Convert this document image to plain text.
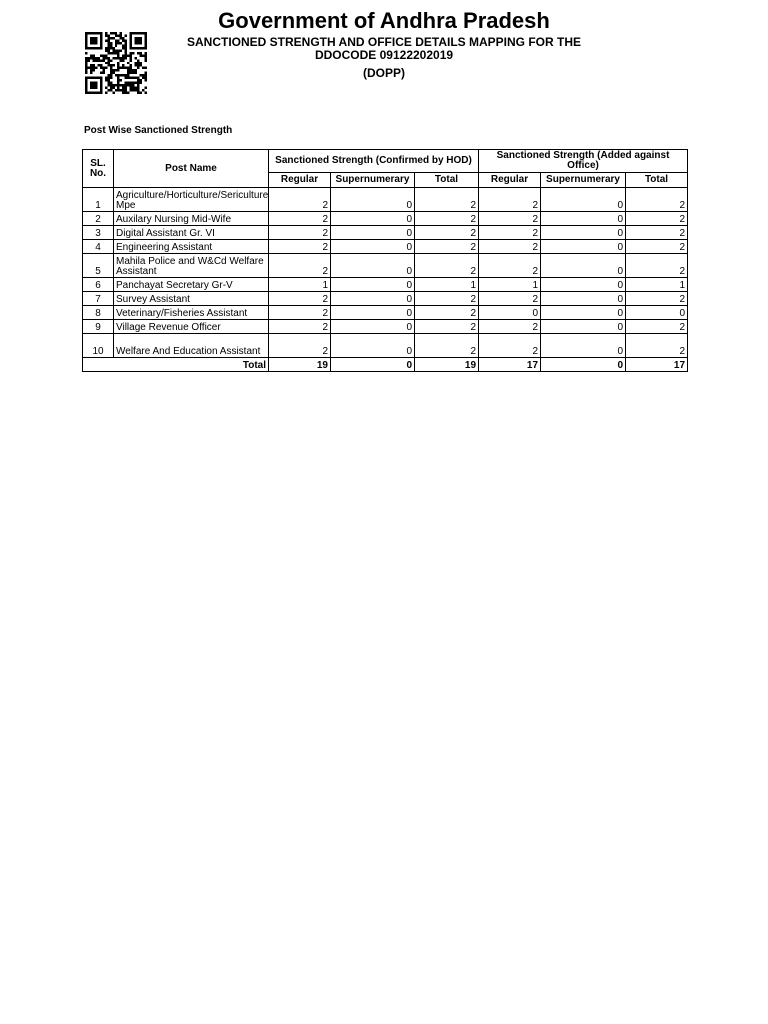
Government of Andhra Pradesh
SANCTIONED STRENGTH AND OFFICE DETAILS MAPPING FOR THE
DDOCODE 09122202019
(DOPP)
Post Wise Sanctioned Strength
SL. No.	Post Name	Sanctioned Strength (Confirmed by HOD)			Sanctioned Strength (Added against Office)		
		Regular	Supernumerary	Total	Regular	Supernumerary	Total
1	Agriculture/Horticulture/Sericulture Mpe	2	0	2	2	0	2
2	Auxilary Nursing Mid-Wife	2	0	2	2	0	2
3	Digital Assistant Gr. VI	2	0	2	2	0	2
4	Engineering Assistant	2	0	2	2	0	2
5	Mahila Police and W&Cd Welfare Assistant	2	0	2	2	0	2
6	Panchayat Secretary Gr-V	1	0	1	1	0	1
7	Survey Assistant	2	0	2	2	0	2
8	Veterinary/Fisheries Assistant	2	0	2	0	0	0
9	Village Revenue Officer	2	0	2	2	0	2
10	Welfare And Education Assistant	2	0	2	2	0	2
Total		19	0	19	17	0	17
